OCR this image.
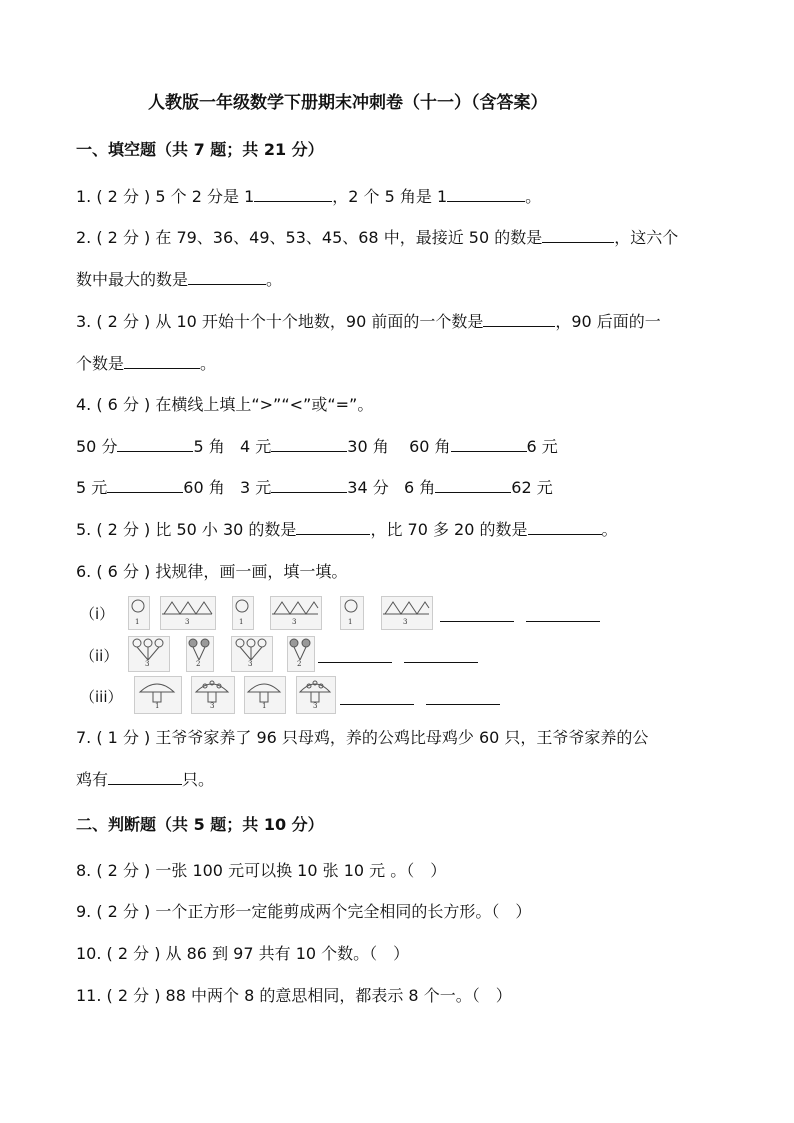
人教版一年级数学下册期末冲刺卷（十一）（含答案）
一、填空题（共 7 题；共 21 分）
1. ( 2 分 ) 5 个 2 分是 1	，2 个 5 角是 1	。
2. ( 2 分 ) 在 79、36、49、53、45、68 中，最接近 50 的数是	，这六个
数中最大的数是	。
3. ( 2 分 ) 从 10 开始十个十个地数，90 前面的一个数是	，90 后面的一
个数是	。
4. ( 6 分 ) 在横线上填上“>”“<”或“=”。
50 分	5 角 4 元	30 角 60 角	6 元
5 元	60 角 3 元	34 分 6 角	62 元
5. ( 2 分 ) 比 50 小 30 的数是	，比 70 多 20 的数是	。
6. ( 6 分 ) 找规律，画一画，填一填。
（i）	1	3	1	3	1	3
（ii）	3	2	3	2
（iii）	1	3	1	3
7. ( 1 分 ) 王爷爷家养了 96 只母鸡，养的公鸡比母鸡少 60 只，王爷爷家养的公
鸡有	只。
二、判断题（共 5 题；共 10 分）
8. ( 2 分 ) 一张 100 元可以换 10 张 10 元 。（　）
9. ( 2 分 ) 一个正方形一定能剪成两个完全相同的长方形。（　）
10. ( 2 分 ) 从 86 到 97 共有 10 个数。（　）
11. ( 2 分 ) 88 中两个 8 的意思相同，都表示 8 个一。（　）
